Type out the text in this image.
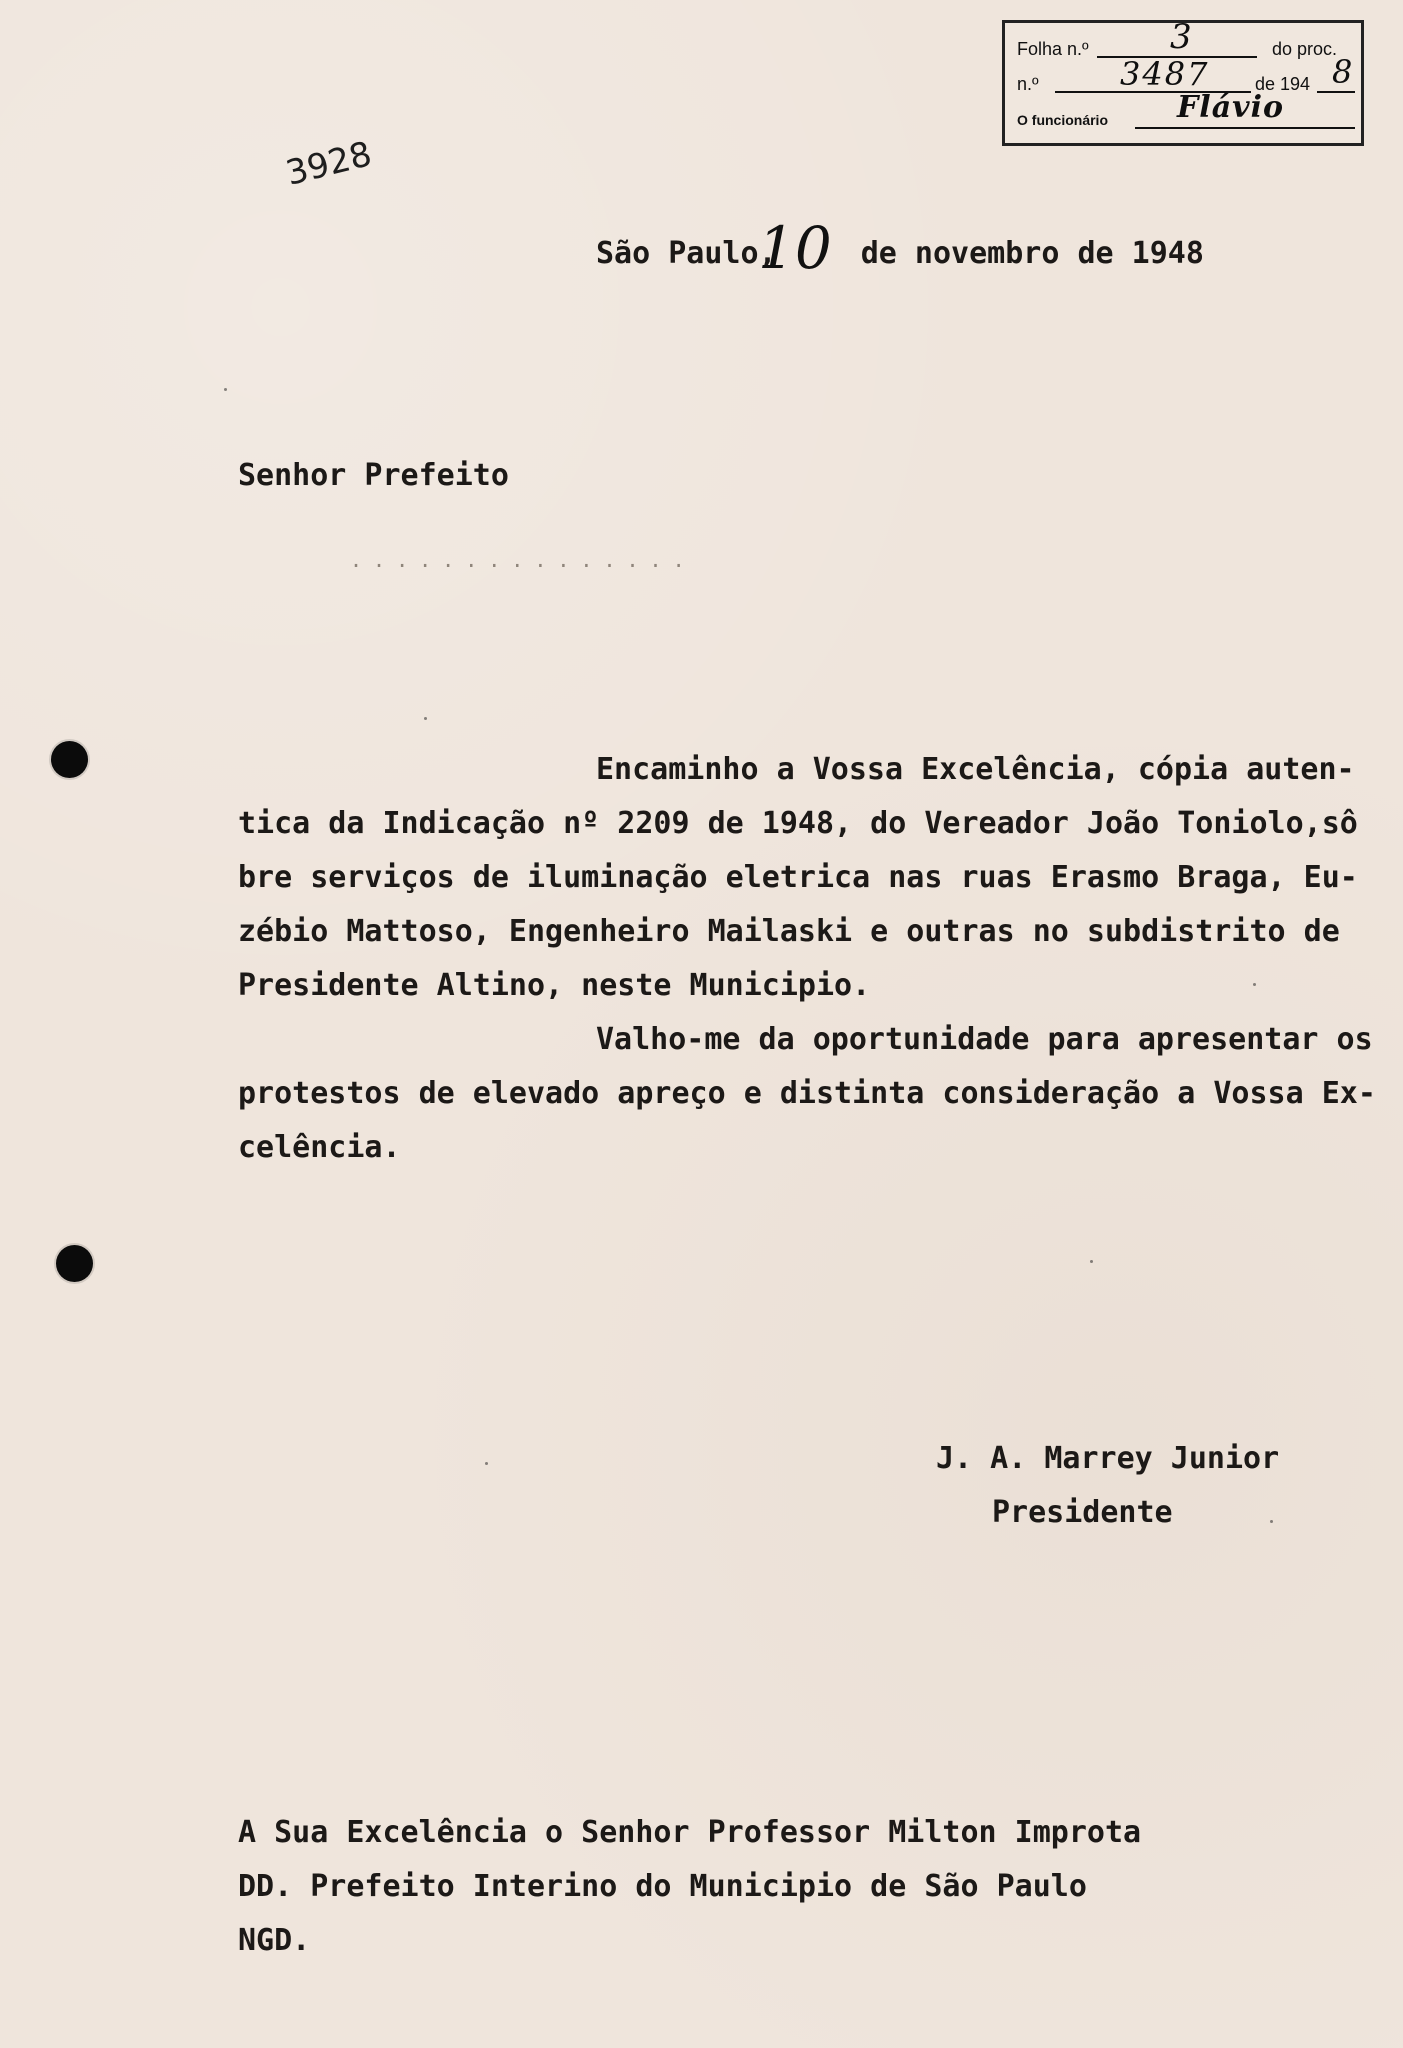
Folha n.º 3	do proc.
n.º	3487	de 194 8
O funcionário Flávio
3928
São Paulo,	de novembro de 1948
10
Senhor Prefeito
...............
Encaminho a Vossa Excelência, cópia auten-
tica da Indicação nº 2209 de 1948, do Vereador João Toniolo,sô
bre serviços de iluminação eletrica nas ruas Erasmo Braga, Eu-
zébio Mattoso, Engenheiro Mailaski e outras no subdistrito de
Presidente Altino, neste Municipio.
Valho-me da oportunidade para apresentar os
protestos de elevado apreço e distinta consideração a Vossa Ex-
celência.
J. A. Marrey Junior
Presidente
A Sua Excelência o Senhor Professor Milton Improta
DD. Prefeito Interino do Municipio de São Paulo
NGD.
